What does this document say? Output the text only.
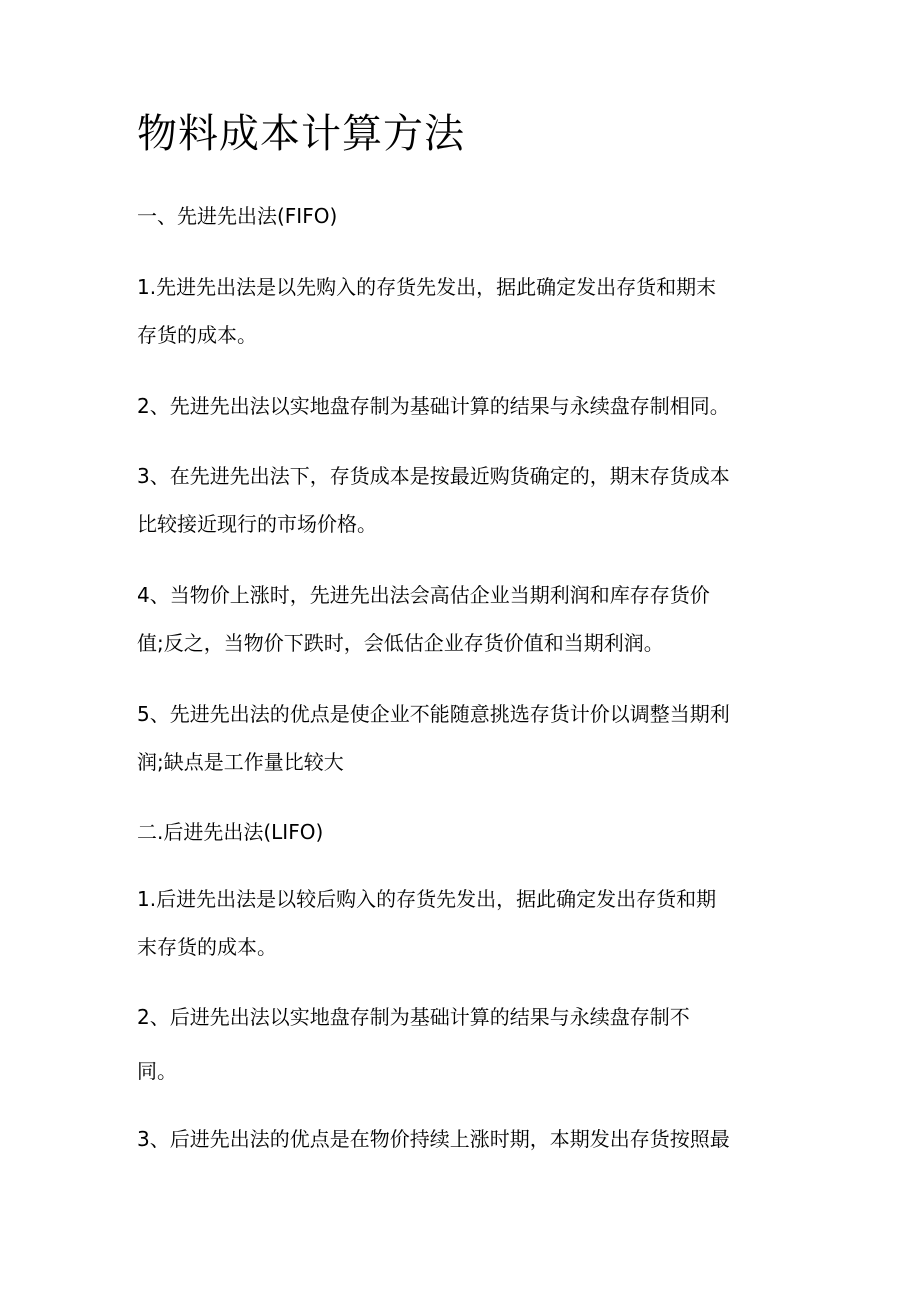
物料成本计算方法

一、先进先出法(FIFO)

1.先进先出法是以先购入的存货先发出，据此确定发出存货和期末

存货的成本。

2、先进先出法以实地盘存制为基础计算的结果与永续盘存制相同。

3、在先进先出法下，存货成本是按最近购货确定的，期末存货成本

比较接近现行的市场价格。

4、当物价上涨时，先进先出法会高估企业当期利润和库存存货价

值;反之，当物价下跌时，会低估企业存货价值和当期利润。

5、先进先出法的优点是使企业不能随意挑选存货计价以调整当期利

润;缺点是工作量比较大

二.后进先出法(LIFO)

1.后进先出法是以较后购入的存货先发出，据此确定发出存货和期

末存货的成本。

2、后进先出法以实地盘存制为基础计算的结果与永续盘存制不

同。

3、后进先出法的优点是在物价持续上涨时期，本期发出存货按照最
